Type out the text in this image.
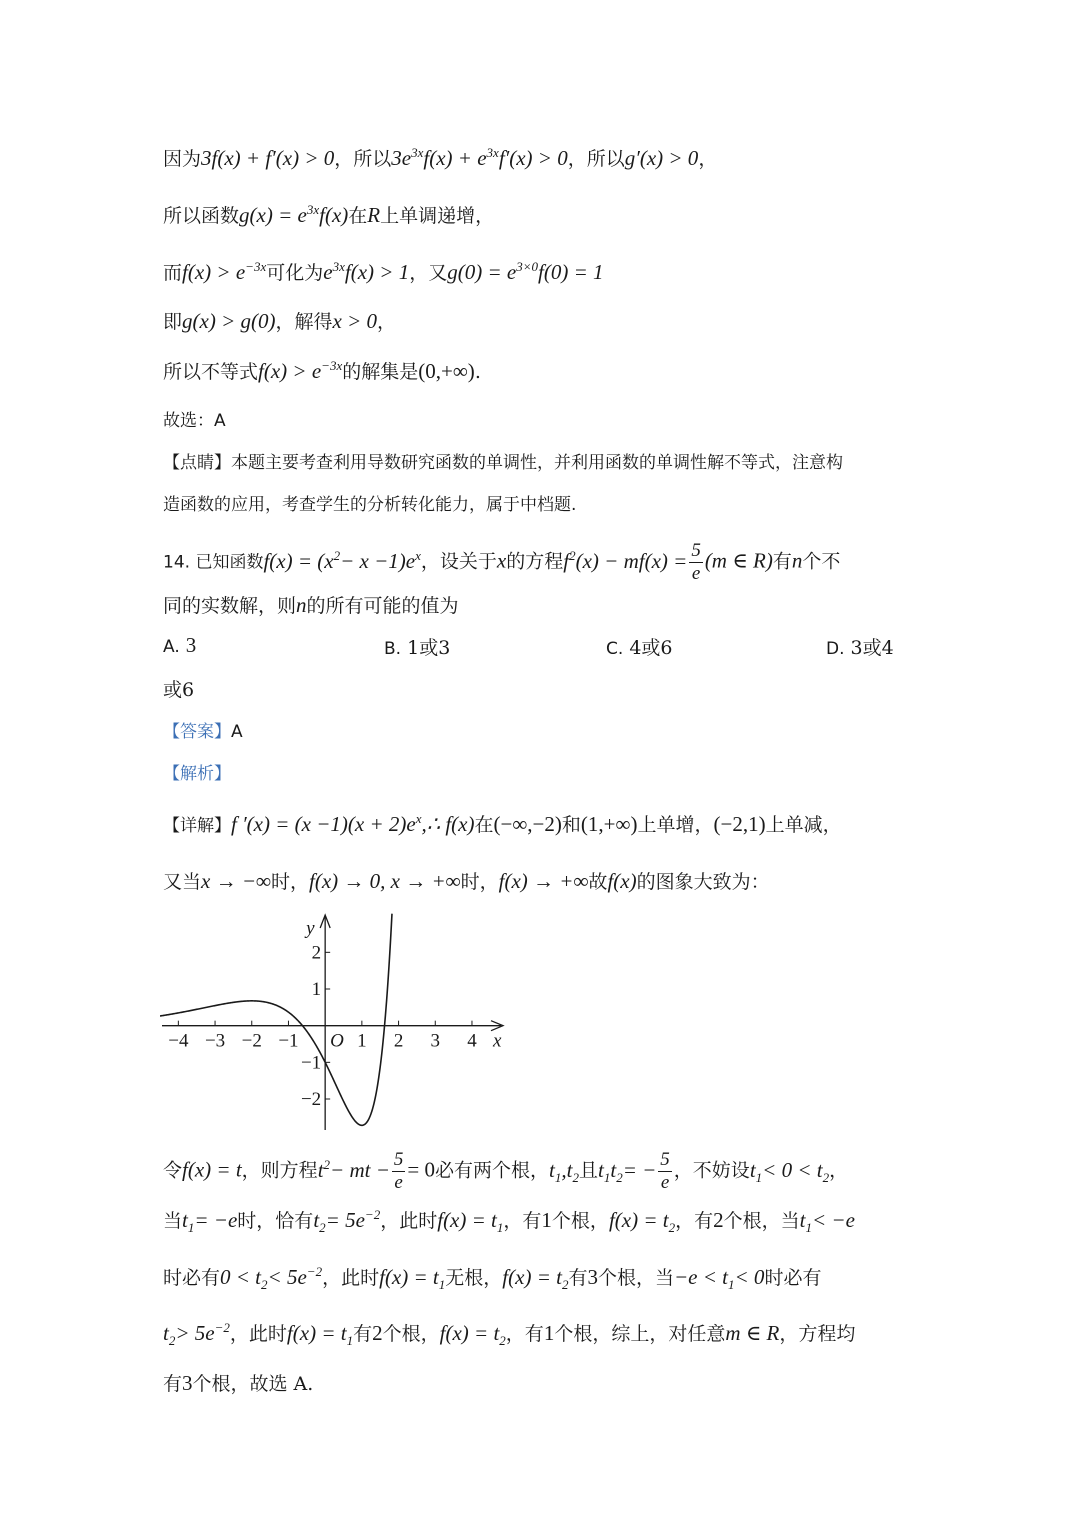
因为3f(x) + f′(x) > 0，所以$3e^{3x}f(x) + e^{3x}f'(x) > 0$，所以g′(x) > 0，
所以函数$g(x) = e^{3x}f(x)$在R上单调递增，
而$f(x) > e^{-3x}$可化为$e^{3x}f(x) > 1$，又$g(0) = e^{3\times 0}f(0) = 1$
即g(x) > g(0)，解得x > 0，
所以不等式$f(x) > e^{-3x}$的解集是(0,+∞).
故选：A
【点睛】本题主要考查利用导数研究函数的单调性，并利用函数的单调性解不等式，注意构
造函数的应用，考查学生的分析转化能力，属于中档题.
14. 已知函数$f(x) = (x^2- x -1)e^x$，设关于x的方程$f^2(x) - mf(x) = \frac{5}{e} (m$ ∈ R)有n个不
同的实数解，则n的所有可能的值为
A. 3	B. 1或3	C. 4或6	D. 3或4
或6
【答案】A
【解析】
【详解】f $'(x) = (x -1)(x + 2)e^x,\therefore$ f(x)在(−∞,−2)和(1,+∞)上单增，(−2,1)上单减，
又当x → −∞时，f(x) → 0, x → +∞时，f(x) → +∞故f(x)的图象大致为：
−4 −3 −2 −1	1 2 3 4
2
1
−1
−2
x
y
O
令f(x) = t，则方程$t^2-$ mt − $\frac{5}{e} = 0$必有两个根，$t_1,t_2$且$t_1t_2= - \frac{5}{e}$ ，不妨设$t_1< 0 < t_2$，
当$t_1= -e$时，恰有$t_2= 5e^{-2}$，此时$f(x) = t_1$，有1个根，$f(x) = t_2$，有2个根，当$t_1< -e$
时必有$0 < t_2< 5e^{-2}$，此时$f(x) = t_1$无根，$f(x) = t_2$有3个根，当$-e < t_1< 0$时必有
$t_2> 5e^{-2}$，此时$f(x) = t_1$有2个根，$f(x) = t_2$，有1个根，综上，对任意m ∈ R，方程均
有3个根，故选 A.
